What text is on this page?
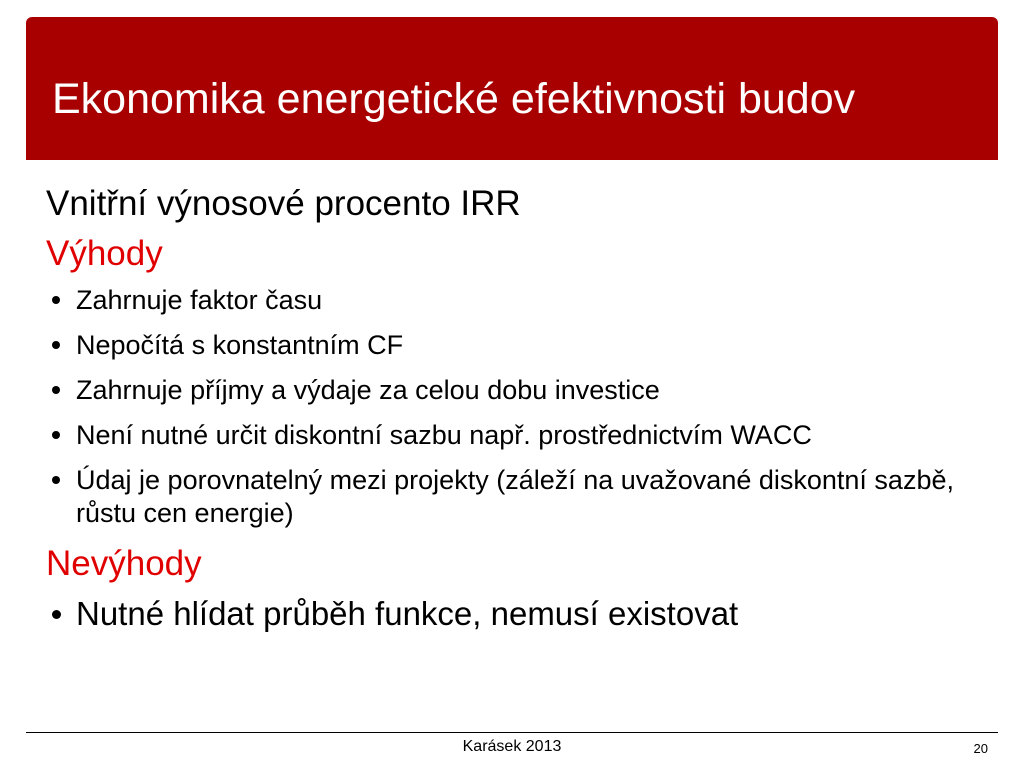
Ekonomika energetické efektivnosti budov

Vnitřní výnosové procento IRR

Výhody

Zahrnuje faktor času
Nepočítá s konstantním CF
Zahrnuje příjmy a výdaje za celou dobu investice
Není nutné určit diskontní sazbu např. prostřednictvím WACC
Údaj je porovnatelný mezi projekty (záleží na uvažované diskontní sazbě, růstu cen energie)

Nevýhody

Nutné hlídat průběh funkce, nemusí existovat
Karásek 2013	20
